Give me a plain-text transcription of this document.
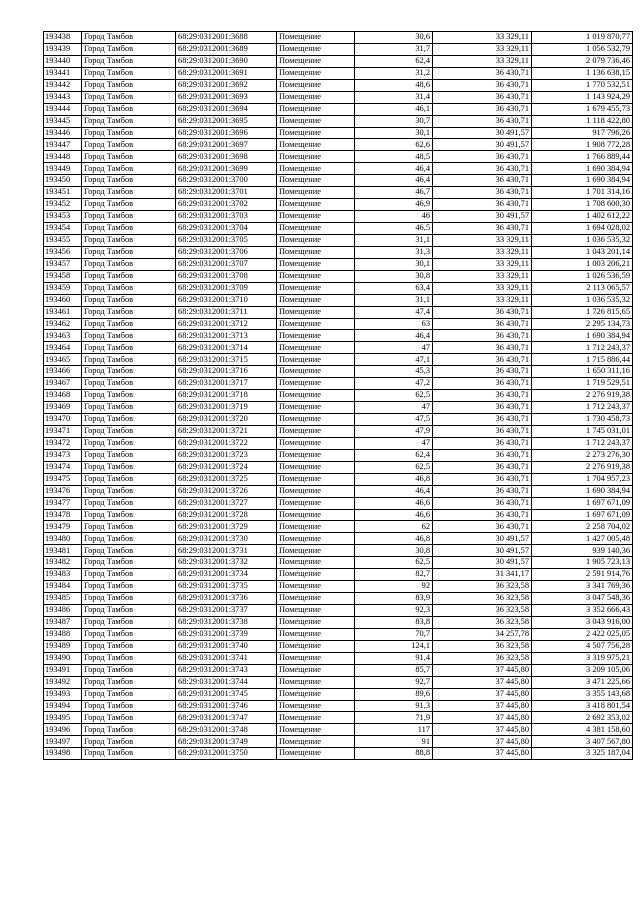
193438	Город Тамбов	68:29:0312001:3688	Помещение	30,6	33 329,11	1 019 870,77
193439	Город Тамбов	68:29:0312001:3689	Помещение	31,7	33 329,11	1 056 532,79
193440	Город Тамбов	68:29:0312001:3690	Помещение	62,4	33 329,11	2 079 736,46
193441	Город Тамбов	68:29:0312001:3691	Помещение	31,2	36 430,71	1 136 638,15
193442	Город Тамбов	68:29:0312001:3692	Помещение	48,6	36 430,71	1 770 532,51
193443	Город Тамбов	68:29:0312001:3693	Помещение	31,4	36 430,71	1 143 924,29
193444	Город Тамбов	68:29:0312001:3694	Помещение	46,1	36 430,71	1 679 455,73
193445	Город Тамбов	68:29:0312001:3695	Помещение	30,7	36 430,71	1 118 422,80
193446	Город Тамбов	68:29:0312001:3696	Помещение	30,1	30 491,57	917 796,26
193447	Город Тамбов	68:29:0312001:3697	Помещение	62,6	30 491,57	1 908 772,28
193448	Город Тамбов	68:29:0312001:3698	Помещение	48,5	36 430,71	1 766 889,44
193449	Город Тамбов	68:29:0312001:3699	Помещение	46,4	36 430,71	1 690 384,94
193450	Город Тамбов	68:29:0312001:3700	Помещение	46,4	36 430,71	1 690 384,94
193451	Город Тамбов	68:29:0312001:3701	Помещение	46,7	36 430,71	1 701 314,16
193452	Город Тамбов	68:29:0312001:3702	Помещение	46,9	36 430,71	1 708 600,30
193453	Город Тамбов	68:29:0312001:3703	Помещение	46	30 491,57	1 402 612,22
193454	Город Тамбов	68:29:0312001:3704	Помещение	46,5	36 430,71	1 694 028,02
193455	Город Тамбов	68:29:0312001:3705	Помещение	31,1	33 329,11	1 036 535,32
193456	Город Тамбов	68:29:0312001:3706	Помещение	31,3	33 329,11	1 043 201,14
193457	Город Тамбов	68:29:0312001:3707	Помещение	30,1	33 329,11	1 003 206,21
193458	Город Тамбов	68:29:0312001:3708	Помещение	30,8	33 329,11	1 026 536,59
193459	Город Тамбов	68:29:0312001:3709	Помещение	63,4	33 329,11	2 113 065,57
193460	Город Тамбов	68:29:0312001:3710	Помещение	31,1	33 329,11	1 036 535,32
193461	Город Тамбов	68:29:0312001:3711	Помещение	47,4	36 430,71	1 726 815,65
193462	Город Тамбов	68:29:0312001:3712	Помещение	63	36 430,71	2 295 134,73
193463	Город Тамбов	68:29:0312001:3713	Помещение	46,4	36 430,71	1 690 384,94
193464	Город Тамбов	68:29:0312001:3714	Помещение	47	36 430,71	1 712 243,37
193465	Город Тамбов	68:29:0312001:3715	Помещение	47,1	36 430,71	1 715 886,44
193466	Город Тамбов	68:29:0312001:3716	Помещение	45,3	36 430,71	1 650 311,16
193467	Город Тамбов	68:29:0312001:3717	Помещение	47,2	36 430,71	1 719 529,51
193468	Город Тамбов	68:29:0312001:3718	Помещение	62,5	36 430,71	2 276 919,38
193469	Город Тамбов	68:29:0312001:3719	Помещение	47	36 430,71	1 712 243,37
193470	Город Тамбов	68:29:0312001:3720	Помещение	47,5	36 430,71	1 730 458,73
193471	Город Тамбов	68:29:0312001:3721	Помещение	47,9	36 430,71	1 745 031,01
193472	Город Тамбов	68:29:0312001:3722	Помещение	47	36 430,71	1 712 243,37
193473	Город Тамбов	68:29:0312001:3723	Помещение	62,4	36 430,71	2 273 276,30
193474	Город Тамбов	68:29:0312001:3724	Помещение	62,5	36 430,71	2 276 919,38
193475	Город Тамбов	68:29:0312001:3725	Помещение	46,8	36 430,71	1 704 957,23
193476	Город Тамбов	68:29:0312001:3726	Помещение	46,4	36 430,71	1 690 384,94
193477	Город Тамбов	68:29:0312001:3727	Помещение	46,6	36 430,71	1 697 671,09
193478	Город Тамбов	68:29:0312001:3728	Помещение	46,6	36 430,71	1 697 671,09
193479	Город Тамбов	68:29:0312001:3729	Помещение	62	36 430,71	2 258 704,02
193480	Город Тамбов	68:29:0312001:3730	Помещение	46,8	30 491,57	1 427 005,48
193481	Город Тамбов	68:29:0312001:3731	Помещение	30,8	30 491,57	939 140,36
193482	Город Тамбов	68:29:0312001:3732	Помещение	62,5	30 491,57	1 905 723,13
193483	Город Тамбов	68:29:0312001:3734	Помещение	82,7	31 341,17	2 591 914,76
193484	Город Тамбов	68:29:0312001:3735	Помещение	92	36 323,58	3 341 769,36
193485	Город Тамбов	68:29:0312001:3736	Помещение	83,9	36 323,58	3 047 548,36
193486	Город Тамбов	68:29:0312001:3737	Помещение	92,3	36 323,58	3 352 666,43
193487	Город Тамбов	68:29:0312001:3738	Помещение	83,8	36 323,58	3 043 916,00
193488	Город Тамбов	68:29:0312001:3739	Помещение	70,7	34 257,78	2 422 025,05
193489	Город Тамбов	68:29:0312001:3740	Помещение	124,1	36 323,58	4 507 756,28
193490	Город Тамбов	68:29:0312001:3741	Помещение	91,4	36 323,58	3 319 975,21
193491	Город Тамбов	68:29:0312001:3743	Помещение	85,7	37 445,80	3 209 105,06
193492	Город Тамбов	68:29:0312001:3744	Помещение	92,7	37 445,80	3 471 225,66
193493	Город Тамбов	68:29:0312001:3745	Помещение	89,6	37 445,80	3 355 143,68
193494	Город Тамбов	68:29:0312001:3746	Помещение	91,3	37 445,80	3 418 801,54
193495	Город Тамбов	68:29:0312001:3747	Помещение	71,9	37 445,80	2 692 353,02
193496	Город Тамбов	68:29:0312001:3748	Помещение	117	37 445,80	4 381 158,60
193497	Город Тамбов	68:29:0312001:3749	Помещение	91	37 445,80	3 407 567,80
193498	Город Тамбов	68:29:0312001:3750	Помещение	88,8	37 445,80	3 325 187,04
